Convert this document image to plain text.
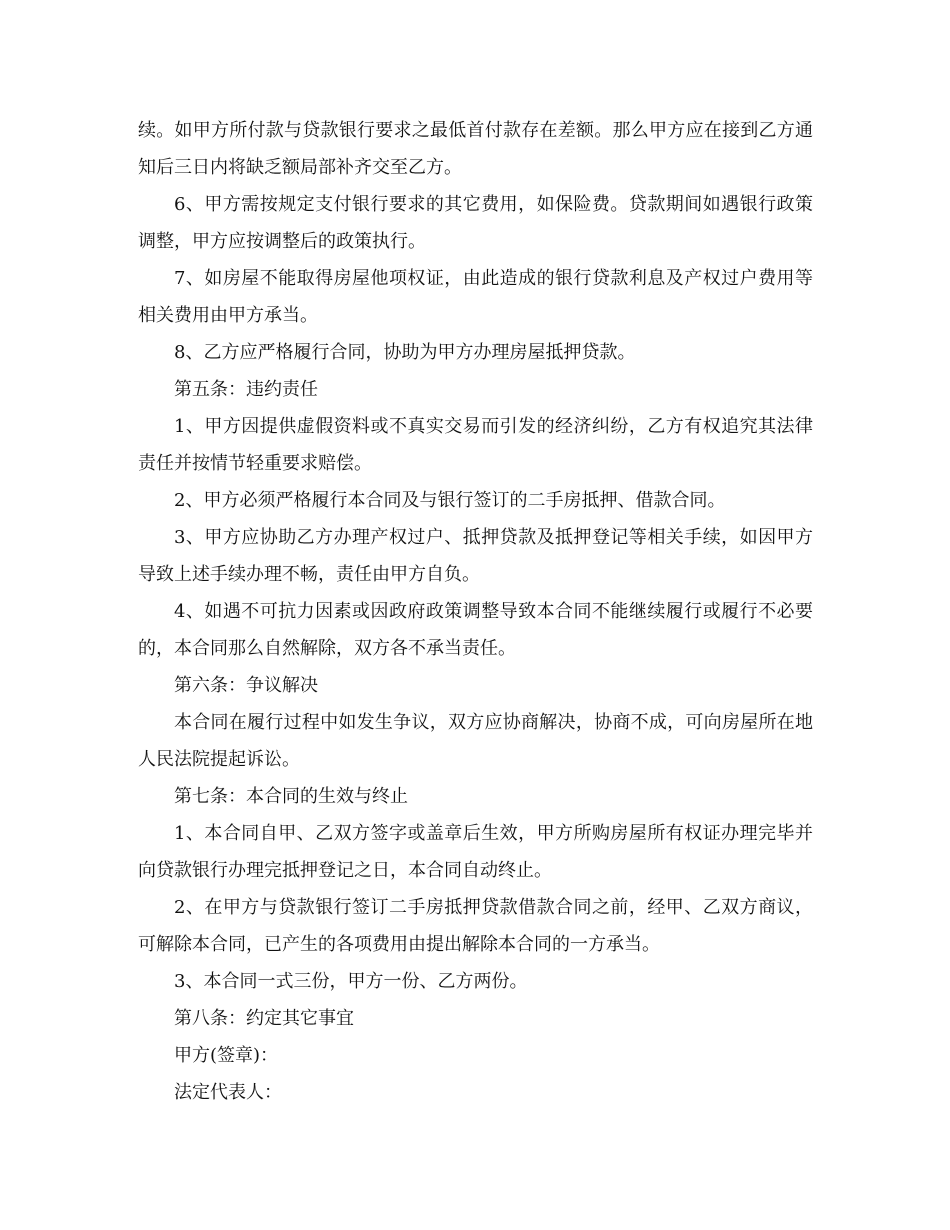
续。如甲方所付款与贷款银行要求之最低首付款存在差额。那么甲方应在接到乙方通知后三日内将缺乏额局部补齐交至乙方。

6、甲方需按规定支付银行要求的其它费用，如保险费。贷款期间如遇银行政策调整，甲方应按调整后的政策执行。

7、如房屋不能取得房屋他项权证，由此造成的银行贷款利息及产权过户费用等相关费用由甲方承当。

8、乙方应严格履行合同，协助为甲方办理房屋抵押贷款。

第五条：违约责任

1、甲方因提供虚假资料或不真实交易而引发的经济纠纷，乙方有权追究其法律责任并按情节轻重要求赔偿。

2、甲方必须严格履行本合同及与银行签订的二手房抵押、借款合同。

3、甲方应协助乙方办理产权过户、抵押贷款及抵押登记等相关手续，如因甲方导致上述手续办理不畅，责任由甲方自负。

4、如遇不可抗力因素或因政府政策调整导致本合同不能继续履行或履行不必要的，本合同那么自然解除，双方各不承当责任。

第六条：争议解决

本合同在履行过程中如发生争议，双方应协商解决，协商不成，可向房屋所在地人民法院提起诉讼。

第七条：本合同的生效与终止

1、本合同自甲、乙双方签字或盖章后生效，甲方所购房屋所有权证办理完毕并向贷款银行办理完抵押登记之日，本合同自动终止。

2、在甲方与贷款银行签订二手房抵押贷款借款合同之前，经甲、乙双方商议，可解除本合同，已产生的各项费用由提出解除本合同的一方承当。

3、本合同一式三份，甲方一份、乙方两份。

第八条：约定其它事宜

甲方(签章)：

法定代表人：
